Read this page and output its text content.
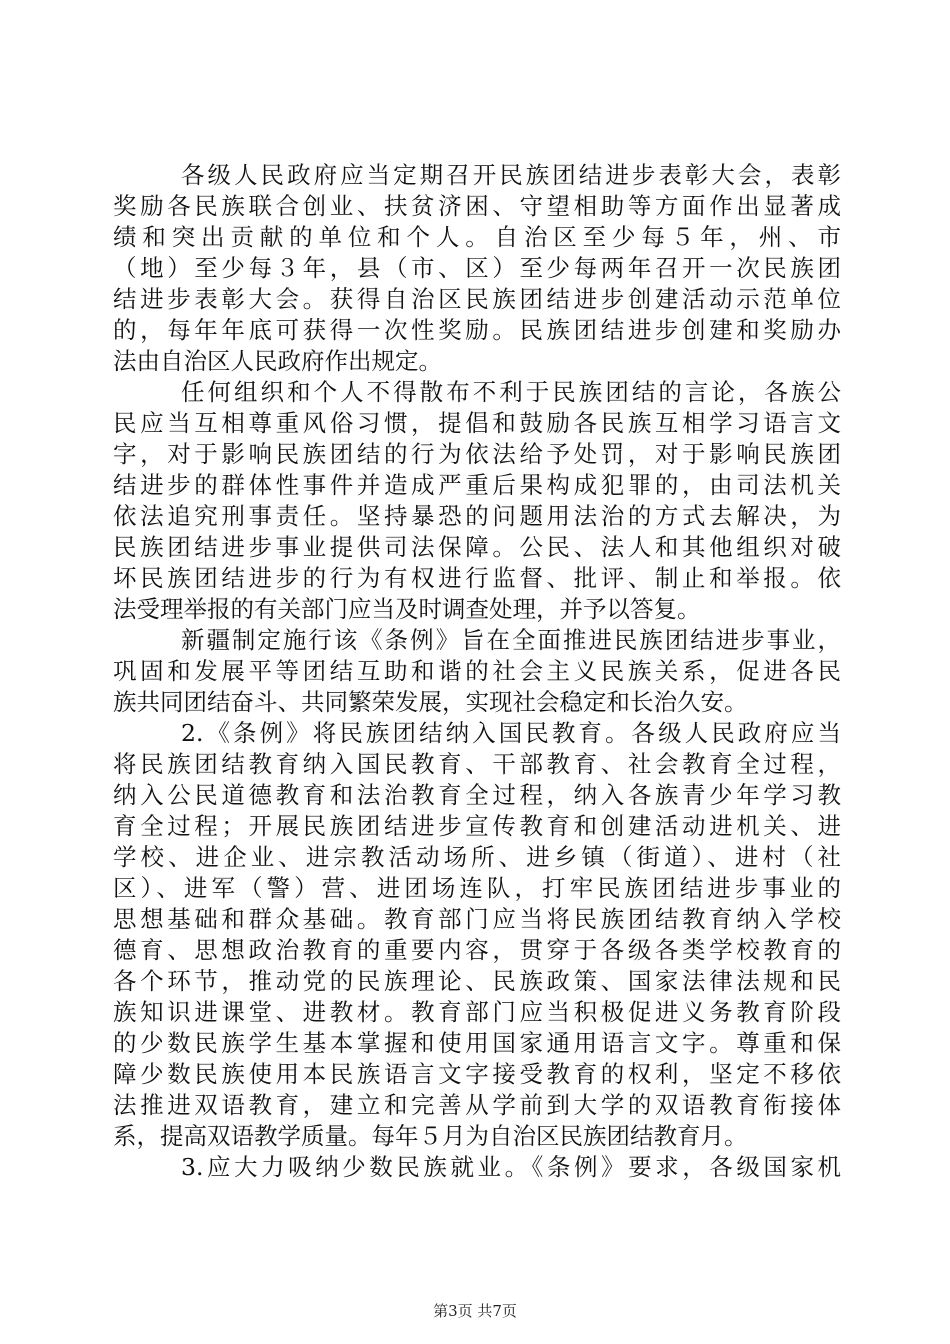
各级人民政府应当定期召开民族团结进步表彰大会，表彰
奖励各民族联合创业、扶贫济困、守望相助等方面作出显著成
绩和突出贡献的单位和个人。自治区至少每５年，州、市
（地）至少每３年，县（市、区）至少每两年召开一次民族团
结进步表彰大会。获得自治区民族团结进步创建活动示范单位
的，每年年底可获得一次性奖励。民族团结进步创建和奖励办
法由自治区人民政府作出规定。
任何组织和个人不得散布不利于民族团结的言论，各族公
民应当互相尊重风俗习惯，提倡和鼓励各民族互相学习语言文
字，对于影响民族团结的行为依法给予处罚，对于影响民族团
结进步的群体性事件并造成严重后果构成犯罪的，由司法机关
依法追究刑事责任。坚持暴恐的问题用法治的方式去解决，为
民族团结进步事业提供司法保障。公民、法人和其他组织对破
坏民族团结进步的行为有权进行监督、批评、制止和举报。依
法受理举报的有关部门应当及时调查处理，并予以答复。
新疆制定施行该《条例》旨在全面推进民族团结进步事业，
巩固和发展平等团结互助和谐的社会主义民族关系，促进各民
族共同团结奋斗、共同繁荣发展，实现社会稳定和长治久安。
2.《条例》将民族团结纳入国民教育。各级人民政府应当
将民族团结教育纳入国民教育、干部教育、社会教育全过程，
纳入公民道德教育和法治教育全过程，纳入各族青少年学习教
育全过程；开展民族团结进步宣传教育和创建活动进机关、进
学校、进企业、进宗教活动场所、进乡镇（街道）、进村（社
区）、进军（警）营、进团场连队，打牢民族团结进步事业的
思想基础和群众基础。教育部门应当将民族团结教育纳入学校
德育、思想政治教育的重要内容，贯穿于各级各类学校教育的
各个环节，推动党的民族理论、民族政策、国家法律法规和民
族知识进课堂、进教材。教育部门应当积极促进义务教育阶段
的少数民族学生基本掌握和使用国家通用语言文字。尊重和保
障少数民族使用本民族语言文字接受教育的权利，坚定不移依
法推进双语教育，建立和完善从学前到大学的双语教育衔接体
系，提高双语教学质量。每年５月为自治区民族团结教育月。
3.应大力吸纳少数民族就业。《条例》要求，各级国家机
第3页 共7页
